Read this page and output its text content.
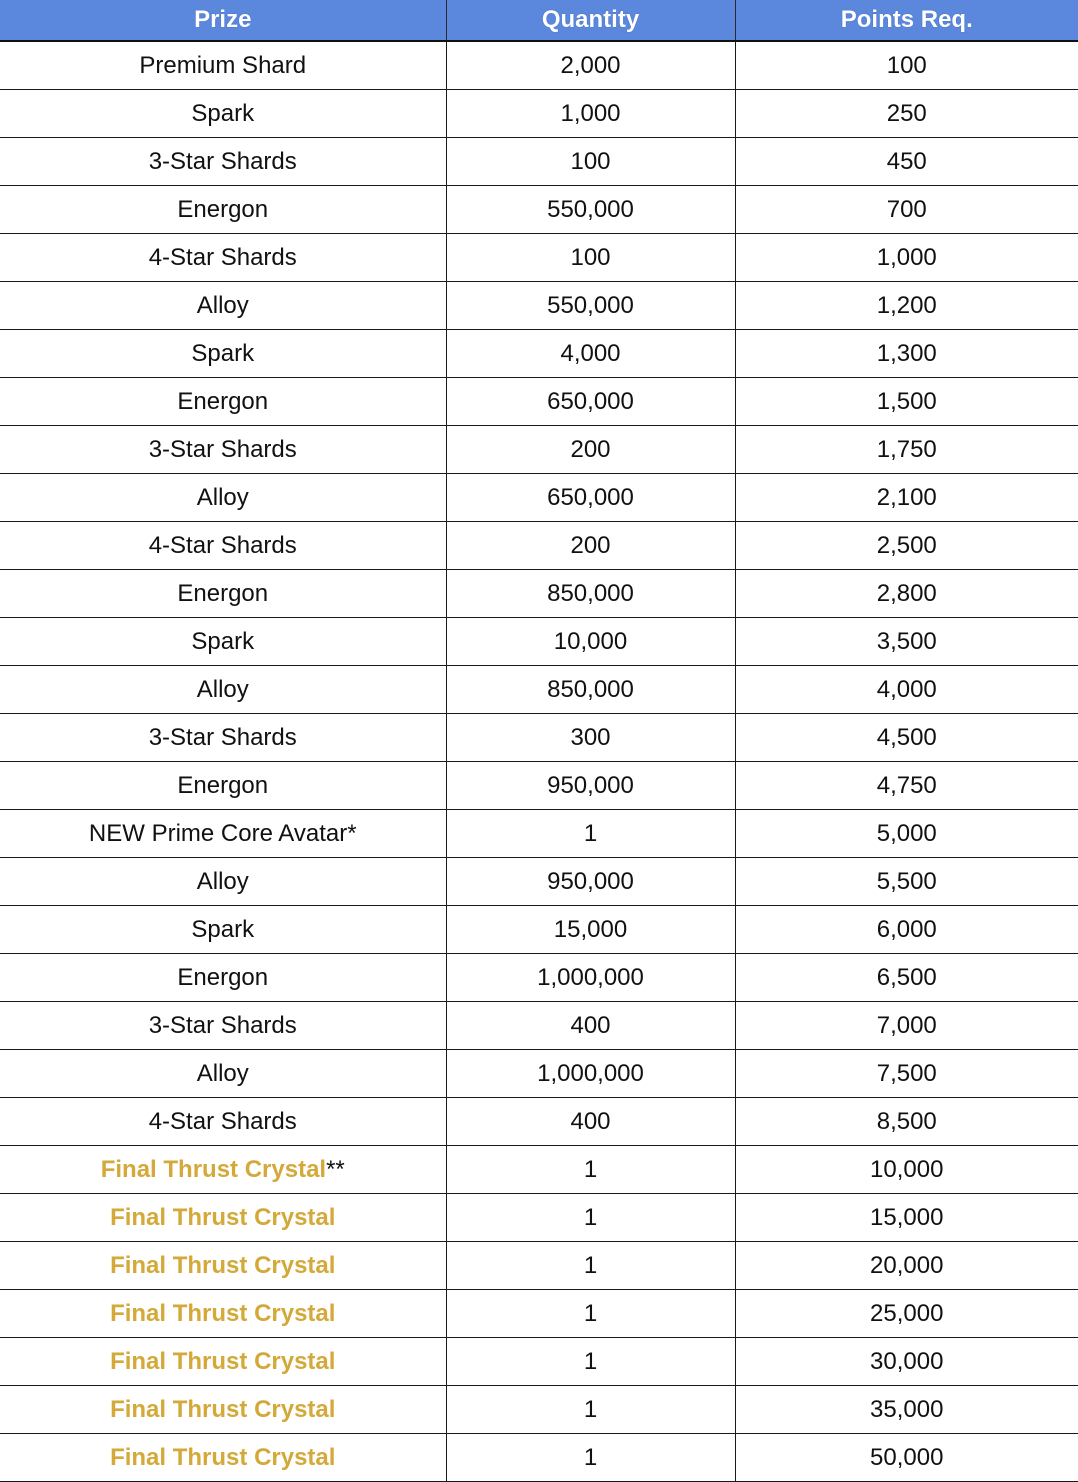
Prize	Quantity	Points Req.
Premium Shard	2,000	100
Spark	1,000	250
3-Star Shards	100	450
Energon	550,000	700
4-Star Shards	100	1,000
Alloy	550,000	1,200
Spark	4,000	1,300
Energon	650,000	1,500
3-Star Shards	200	1,750
Alloy	650,000	2,100
4-Star Shards	200	2,500
Energon	850,000	2,800
Spark	10,000	3,500
Alloy	850,000	4,000
3-Star Shards	300	4,500
Energon	950,000	4,750
NEW Prime Core Avatar*	1	5,000
Alloy	950,000	5,500
Spark	15,000	6,000
Energon	1,000,000	6,500
3-Star Shards	400	7,000
Alloy	1,000,000	7,500
4-Star Shards	400	8,500
Final Thrust Crystal**	1	10,000
Final Thrust Crystal	1	15,000
Final Thrust Crystal	1	20,000
Final Thrust Crystal	1	25,000
Final Thrust Crystal	1	30,000
Final Thrust Crystal	1	35,000
Final Thrust Crystal	1	50,000
